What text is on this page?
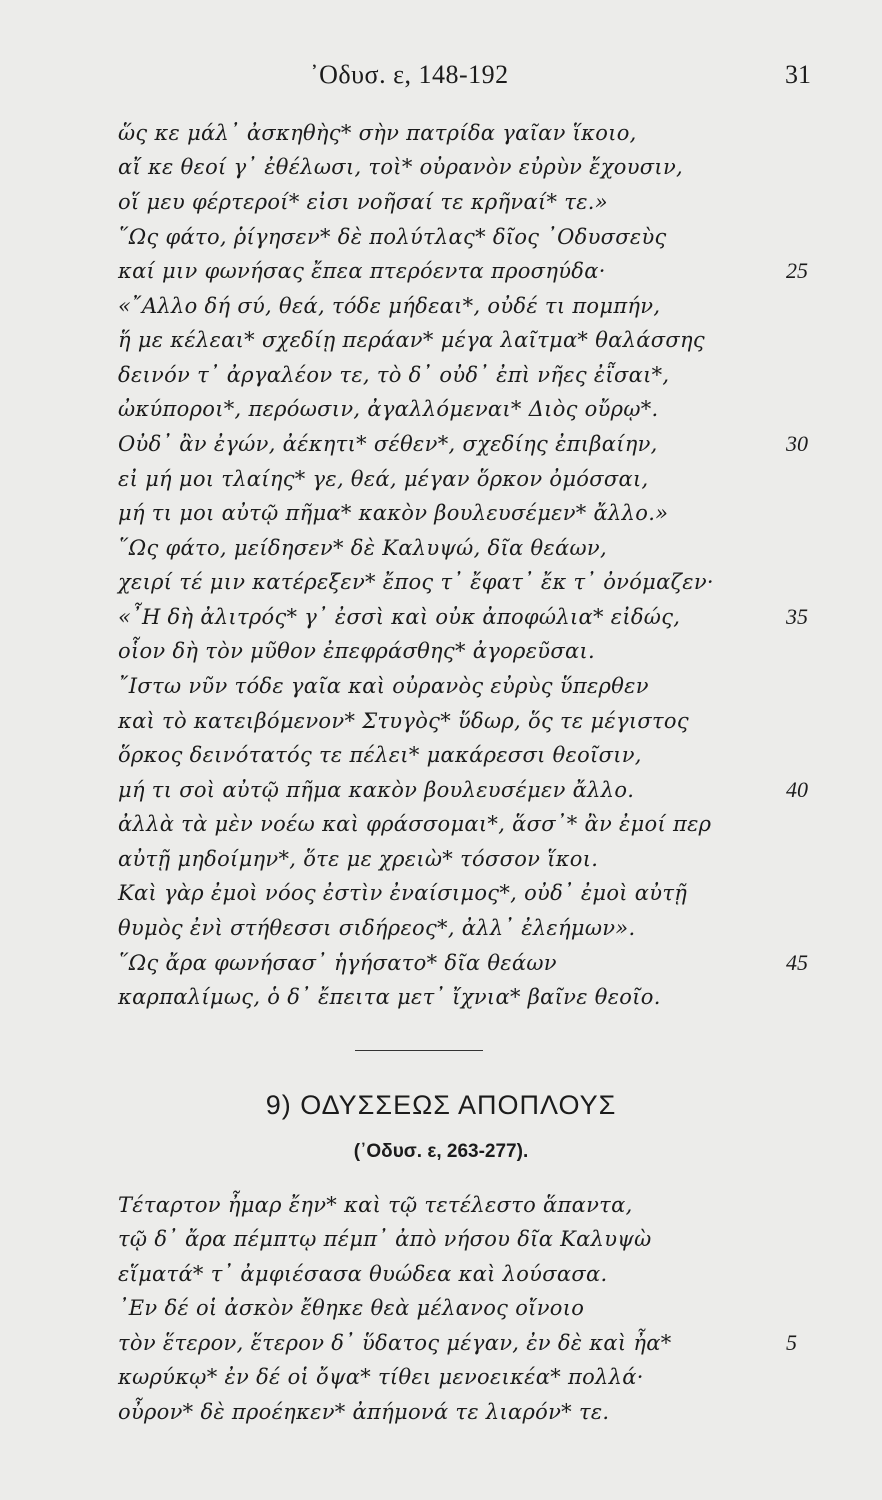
᾿Οδυσ. ε, 148-192	31
ὥς κε μάλ᾿ ἀσκηθὴς* σὴν πατρίδα γαῖαν ἵκοιο,
αἴ κε θεοί γ᾿ ἐθέλωσι, τοὶ* οὐρανὸν εὐρὺν ἔχουσιν,
οἵ μευ φέρτεροί* εἰσι νοῆσαί τε κρῆναί* τε.»
῞Ως φάτο, ῥίγησεν* δὲ πολύτλας* δῖος ᾿Οδυσσεὺς
καί μιν φωνήσας ἔπεα πτερόεντα προσηύδα·
«῎Αλλο δή σύ, θεά, τόδε μήδεαι*, οὐδέ τι πομπήν,
ἥ με κέλεαι* σχεδίῃ περάαν* μέγα λαῖτμα* θαλάσσης
δεινόν τ᾿ ἀργαλέον τε, τὸ δ᾿ οὐδ᾿ ἐπὶ νῆες ἐῗσαι*,
ὠκύποροι*, περόωσιν, ἀγαλλόμεναι* Διὸς οὔρῳ*.
Οὐδ᾿ ἂν ἐγών, ἀέκητι* σέθεν*, σχεδίης ἐπιβαίην,
εἰ μή μοι τλαίης* γε, θεά, μέγαν ὅρκον ὀμόσσαι,
μή τι μοι αὐτῷ πῆμα* κακὸν βουλευσέμεν* ἄλλο.»
῞Ως φάτο, μείδησεν* δὲ Καλυψώ, δῖα θεάων,
χειρί τέ μιν κατέρεξεν* ἔπος τ᾿ ἔφατ᾿ ἔκ τ᾿ ὀνόμαζεν·
«῏Η δὴ ἀλιτρός* γ᾿ ἐσσὶ καὶ οὐκ ἀποφώλια* εἰδώς,
οἷον δὴ τὸν μῦθον ἐπεφράσθης* ἀγορεῦσαι.
῎Ιστω νῦν τόδε γαῖα καὶ οὐρανὸς εὐρὺς ὕπερθεν
καὶ τὸ κατειβόμενον* Στυγὸς* ὕδωρ, ὅς τε μέγιστος
ὅρκος δεινότατός τε πέλει* μακάρεσσι θεοῖσιν,
μή τι σοὶ αὐτῷ πῆμα κακὸν βουλευσέμεν ἄλλο.
ἀλλὰ τὰ μὲν νοέω καὶ φράσσομαι*, ἅσσ᾿* ἂν ἐμοί περ
αὐτῇ μηδοίμην*, ὅτε με χρειὼ* τόσσον ἵκοι.
Καὶ γὰρ ἐμοὶ νόος ἐστὶν ἐναίσιμος*, οὐδ᾿ ἐμοὶ αὐτῇ
θυμὸς ἐνὶ στήθεσσι σιδήρεος*, ἀλλ᾿ ἐλεήμων».
῞Ως ἄρα φωνήσασ᾿ ἡγήσατο* δῖα θεάων
καρπαλίμως, ὁ δ᾿ ἔπειτα μετ᾿ ἴχνια* βαῖνε θεοῖο.
25
30
35
40
45
9) ΟΔΥΣΣΕΩΣ ΑΠΟΠΛΟΥΣ
(᾿Οδυσ. ε, 263-277).
Τέταρτον ἦμαρ ἔην* καὶ τῷ τετέλεστο ἅπαντα,
τῷ δ᾿ ἄρα πέμπτῳ πέμπ᾿ ἀπὸ νήσου δῖα Καλυψὼ
εἵματά* τ᾿ ἀμφιέσασα θυώδεα καὶ λούσασα.
᾿Εν δέ οἱ ἀσκὸν ἔθηκε θεὰ μέλανος οἴνοιο
τὸν ἕτερον, ἕτερον δ᾿ ὕδατος μέγαν, ἐν δὲ καὶ ἦα*
κωρύκῳ* ἐν δέ οἱ ὄψα* τίθει μενοεικέα* πολλά·
οὖρον* δὲ προέηκεν* ἀπήμονά τε λιαρόν* τε.
5
